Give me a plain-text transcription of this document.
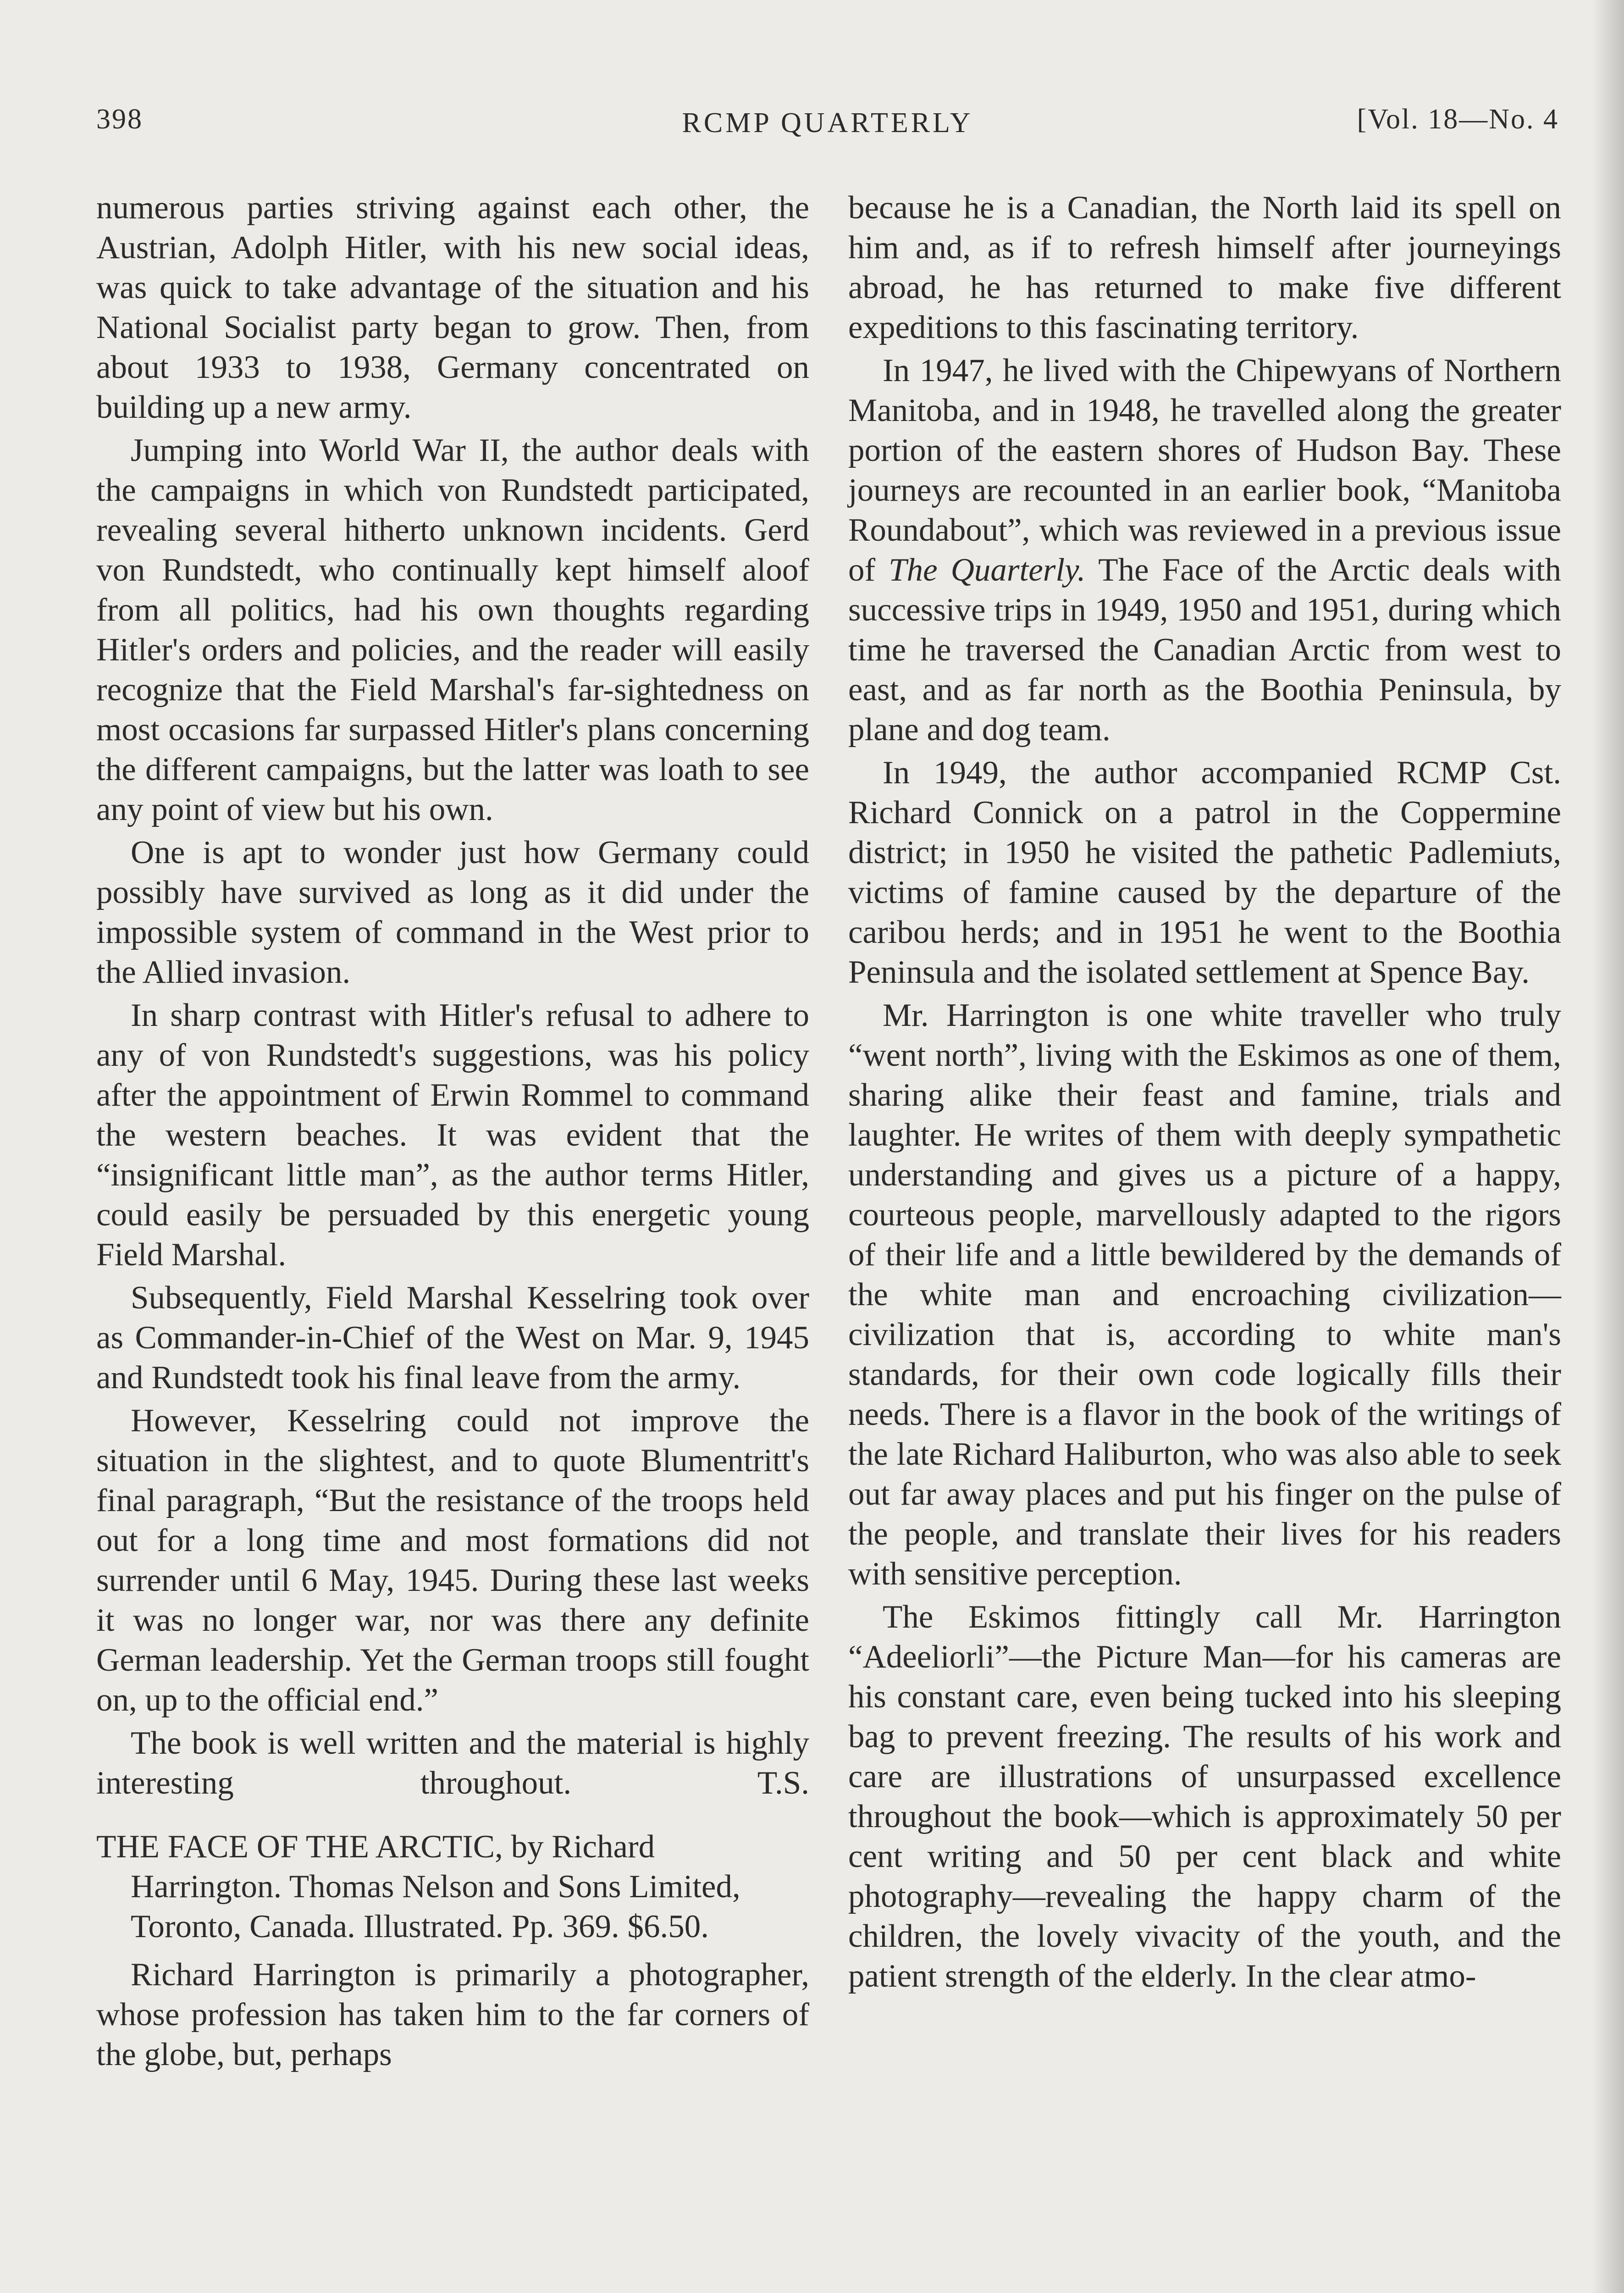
398	RCMP QUARTERLY	[Vol. 18—No. 4

numerous parties striving against each other, the Austrian, Adolph Hitler, with his new social ideas, was quick to take advantage of the situation and his National Socialist party began to grow. Then, from about 1933 to 1938, Germany concentrated on building up a new army.

Jumping into World War II, the author deals with the campaigns in which von Rundstedt participated, revealing several hitherto unknown incidents. Gerd von Rundstedt, who continually kept himself aloof from all politics, had his own thoughts regarding Hitler's orders and policies, and the reader will easily recognize that the Field Marshal's far-sightedness on most occasions far surpassed Hitler's plans concerning the different campaigns, but the latter was loath to see any point of view but his own.

One is apt to wonder just how Germany could possibly have survived as long as it did under the impossible system of command in the West prior to the Allied invasion.

In sharp contrast with Hitler's refusal to adhere to any of von Rundstedt's suggestions, was his policy after the appointment of Erwin Rommel to command the western beaches. It was evident that the “insignificant little man”, as the author terms Hitler, could easily be persuaded by this energetic young Field Marshal.

Subsequently, Field Marshal Kesselring took over as Commander-in-Chief of the West on Mar. 9, 1945 and Rundstedt took his final leave from the army.

However, Kesselring could not improve the situation in the slightest, and to quote Blumentritt's final paragraph, “But the resistance of the troops held out for a long time and most formations did not surrender until 6 May, 1945. During these last weeks it was no longer war, nor was there any definite German leadership. Yet the German troops still fought on, up to the official end.”

The book is well written and the material is highly interesting throughout.	T.S.

THE FACE OF THE ARCTIC, by Richard Harrington. Thomas Nelson and Sons Limited, Toronto, Canada. Illustrated. Pp. 369. $6.50.

Richard Harrington is primarily a photographer, whose profession has taken him to the far corners of the globe, but, perhaps

because he is a Canadian, the North laid its spell on him and, as if to refresh himself after journeyings abroad, he has returned to make five different expeditions to this fascinating territory.

In 1947, he lived with the Chipewyans of Northern Manitoba, and in 1948, he travelled along the greater portion of the eastern shores of Hudson Bay. These journeys are recounted in an earlier book, “Manitoba Roundabout”, which was reviewed in a previous issue of The Quarterly. The Face of the Arctic deals with successive trips in 1949, 1950 and 1951, during which time he traversed the Canadian Arctic from west to east, and as far north as the Boothia Peninsula, by plane and dog team.

In 1949, the author accompanied RCMP Cst. Richard Connick on a patrol in the Coppermine district; in 1950 he visited the pathetic Padlemiuts, victims of famine caused by the departure of the caribou herds; and in 1951 he went to the Boothia Peninsula and the isolated settlement at Spence Bay.

Mr. Harrington is one white traveller who truly “went north”, living with the Eskimos as one of them, sharing alike their feast and famine, trials and laughter. He writes of them with deeply sympathetic understanding and gives us a picture of a happy, courteous people, marvellously adapted to the rigors of their life and a little bewildered by the demands of the white man and encroaching civilization—civilization that is, according to white man's standards, for their own code logically fills their needs. There is a flavor in the book of the writings of the late Richard Haliburton, who was also able to seek out far away places and put his finger on the pulse of the people, and translate their lives for his readers with sensitive perception.

The Eskimos fittingly call Mr. Harrington “Adeeliorli”—the Picture Man—for his cameras are his constant care, even being tucked into his sleeping bag to prevent freezing. The results of his work and care are illustrations of unsurpassed excellence throughout the book—which is approximately 50 per cent writing and 50 per cent black and white photography—revealing the happy charm of the children, the lovely vivacity of the youth, and the patient strength of the elderly. In the clear atmo-
